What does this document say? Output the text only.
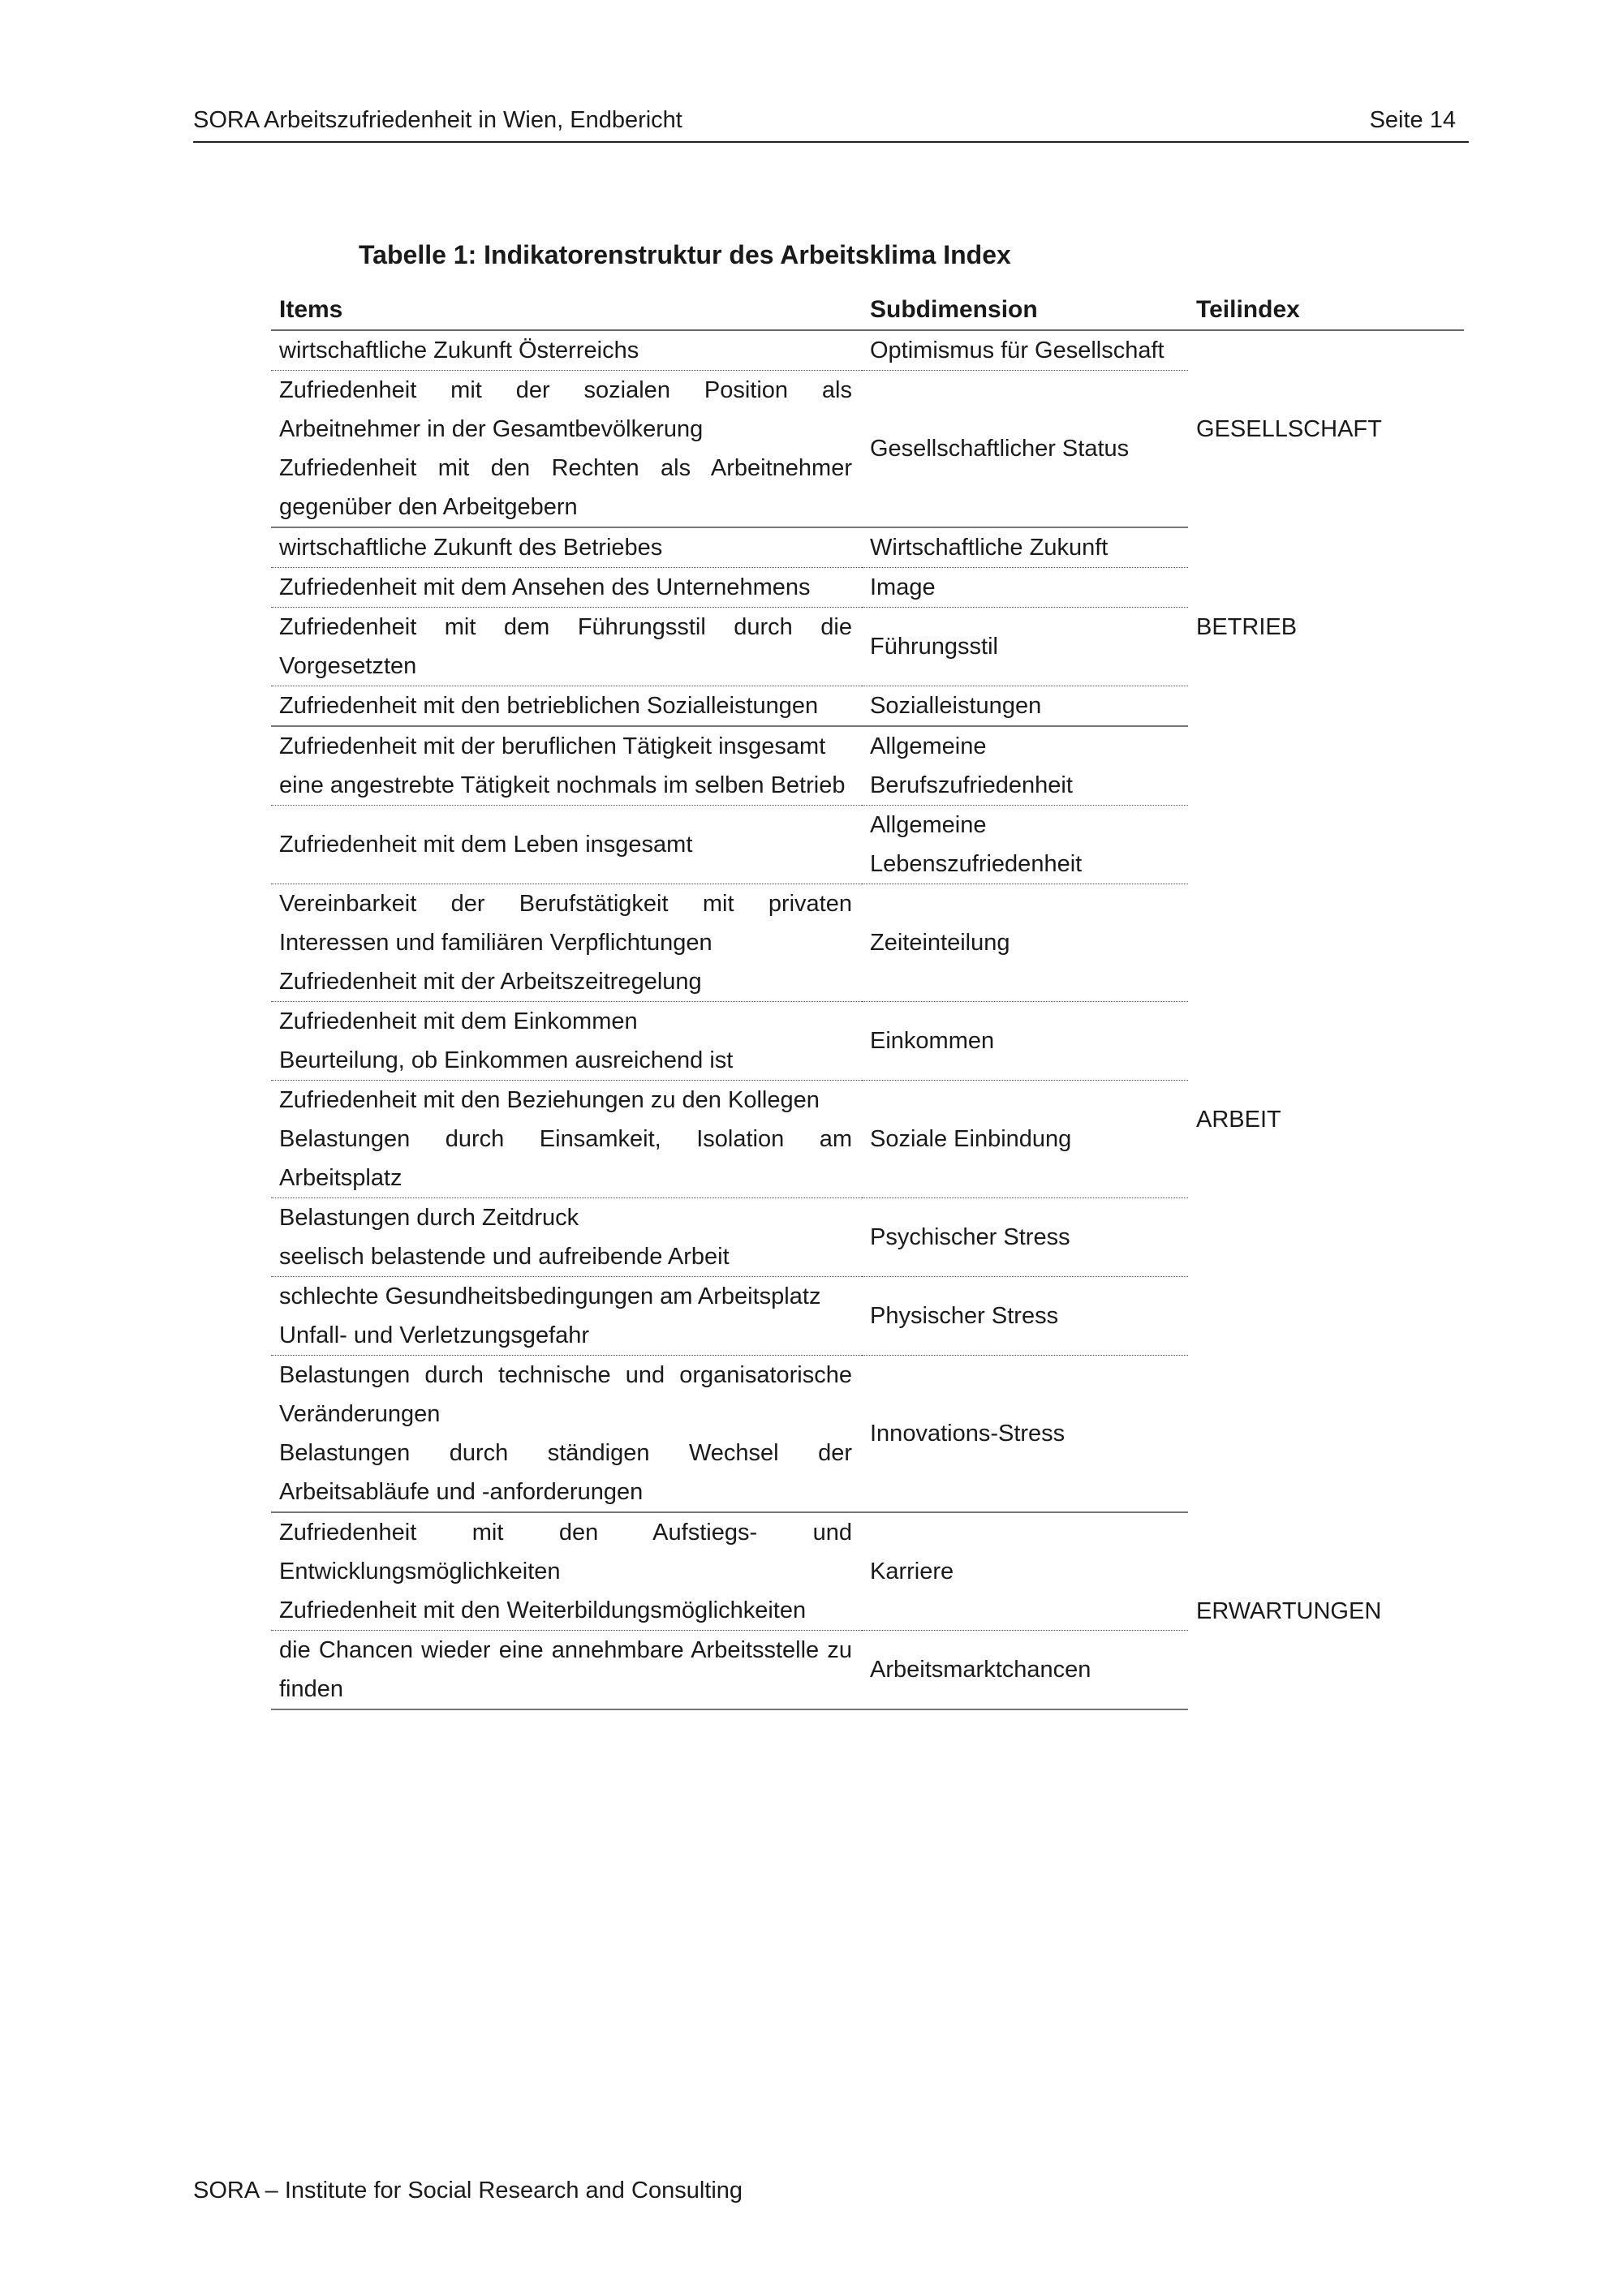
SORA Arbeitszufriedenheit in Wien, Endbericht	Seite 14
Tabelle 1: Indikatorenstruktur des Arbeitsklima Index
Items	Subdimension	Teilindex

wirtschaftliche Zukunft Österreichs	Optimismus für Gesellschaft	GESELLSCHAFT

Zufriedenheit mit der sozialen Position als Arbeitnehmer in der Gesamtbevölkerung
Zufriedenheit mit den Rechten als Arbeitnehmer gegenüber den Arbeitgebern	Gesellschaftlicher Status	

wirtschaftliche Zukunft des Betriebes	Wirtschaftliche Zukunft	BETRIEB

Zufriedenheit mit dem Ansehen des Unternehmens	Image	

Zufriedenheit mit dem Führungsstil durch die Vorgesetzten	Führungsstil	

Zufriedenheit mit den betrieblichen Sozialleistungen	Sozialleistungen	

Zufriedenheit mit der beruflichen Tätigkeit insgesamt
eine angestrebte Tätigkeit nochmals im selben Betrieb	Allgemeine Berufszufriedenheit	ARBEIT

Zufriedenheit mit dem Leben insgesamt	Allgemeine Lebenszufriedenheit	

Vereinbarkeit der Berufstätigkeit mit privaten Interessen und familiären Verpflichtungen
Zufriedenheit mit der Arbeitszeitregelung	Zeiteinteilung	

Zufriedenheit mit dem Einkommen
Beurteilung, ob Einkommen ausreichend ist	Einkommen	

Zufriedenheit mit den Beziehungen zu den Kollegen
Belastungen durch Einsamkeit, Isolation am Arbeitsplatz	Soziale Einbindung	

Belastungen durch Zeitdruck
seelisch belastende und aufreibende Arbeit	Psychischer Stress	

schlechte Gesundheitsbedingungen am Arbeitsplatz
Unfall- und Verletzungsgefahr	Physischer Stress	

Belastungen durch technische und organisatorische Veränderungen
Belastungen durch ständigen Wechsel der Arbeitsabläufe und -anforderungen	Innovations-Stress	

Zufriedenheit mit den Aufstiegs- und Entwicklungsmöglichkeiten
Zufriedenheit mit den Weiterbildungsmöglichkeiten	Karriere	ERWARTUNGEN

die Chancen wieder eine annehmbare Arbeitsstelle zu finden	Arbeitsmarktchancen	
SORA – Institute for Social Research and Consulting
